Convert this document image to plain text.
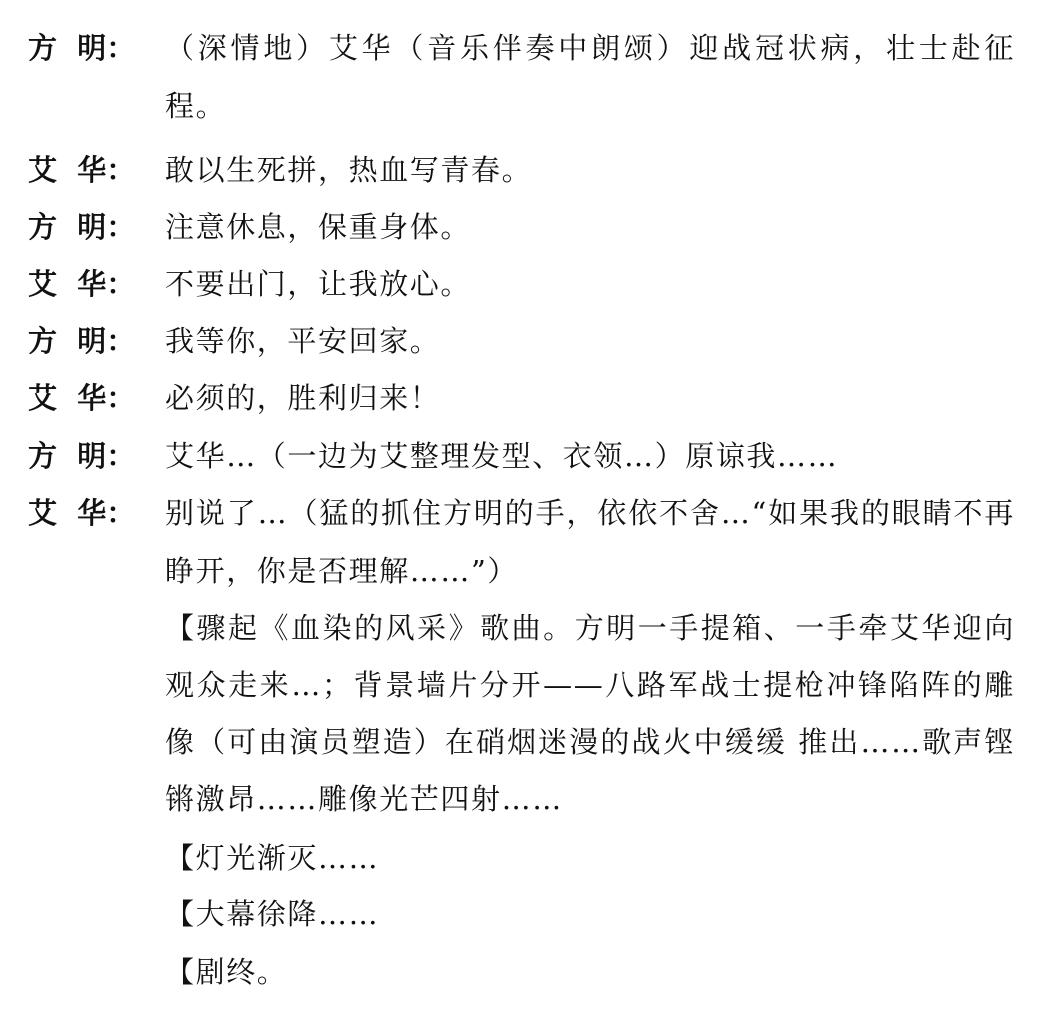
方  明：	（深情地）艾华（音乐伴奏中朗颂）迎战冠状病，壮士赴征程。
艾  华：	敢以生死拼，热血写青春。
方  明：	注意休息，保重身体。
艾  华：	不要出门，让我放心。
方  明：	我等你，平安回家。
艾  华：	必须的，胜利归来！
方  明：	艾华…（一边为艾整理发型、衣领…）原谅我……
艾  华：	别说了…（猛的抓住方明的手，依依不舍…“如果我的眼睛不再睁开，你是否理解……”）
【骤起《血染的风采》歌曲。方明一手提箱、一手牵艾华迎向观众走来…；背景墙片分开——八路军战士提枪冲锋陷阵的雕像（可由演员塑造）在硝烟迷漫的战火中缓缓 推出……歌声铿锵激昂……雕像光芒四射……
【灯光渐灭……
【大幕徐降……
【剧终。
